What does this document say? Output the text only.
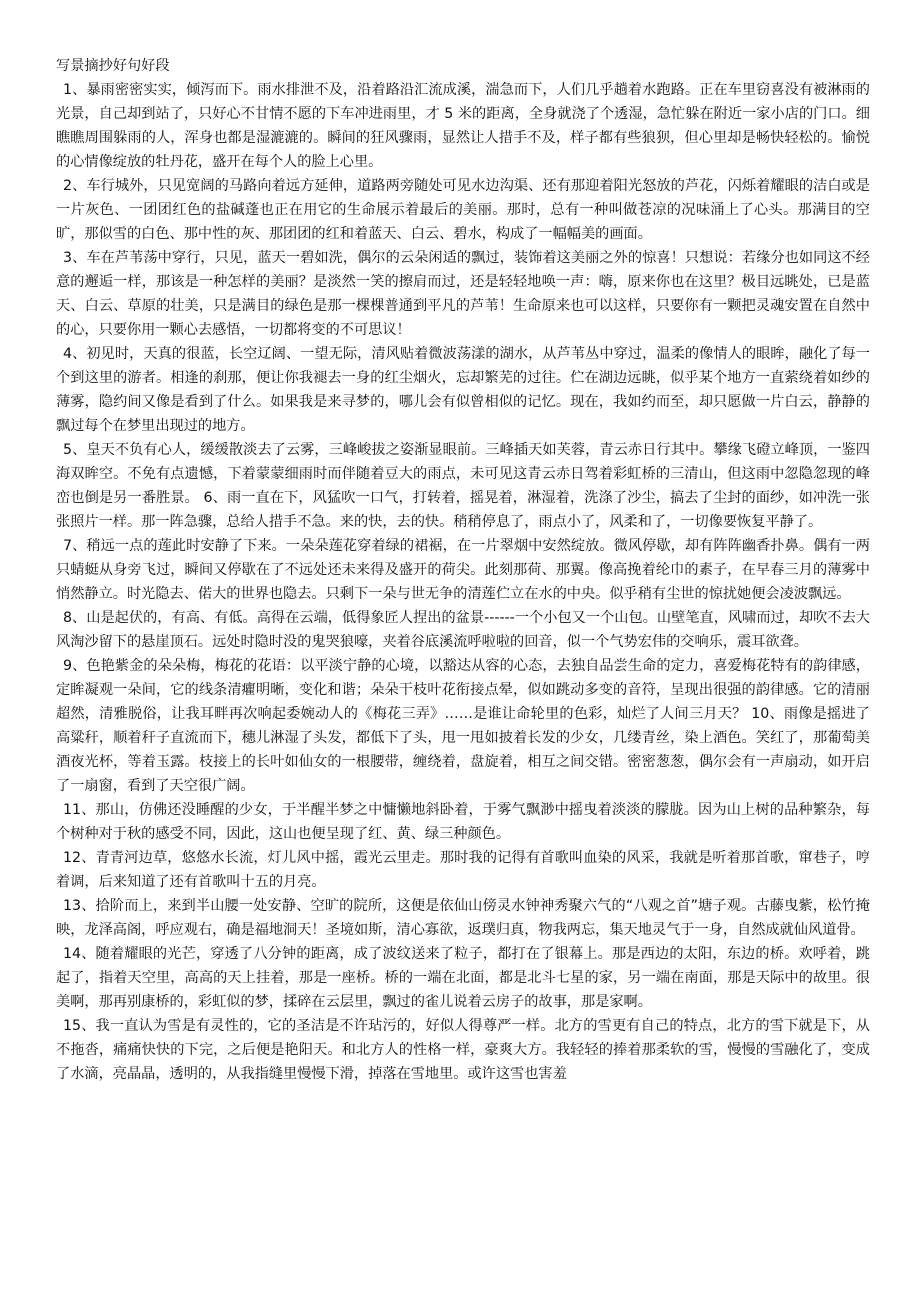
写景摘抄好句好段

1、暴雨密密实实，倾泻而下。雨水排泄不及，沿着路沿汇流成溪，湍急而下，人们几乎趟着水跑路。正在车里窃喜没有被淋雨的光景，自己却到站了，只好心不甘情不愿的下车冲进雨里，才 5 米的距离，全身就浇了个透湿，急忙躲在附近一家小店的门口。细瞧瞧周围躲雨的人，浑身也都是湿漉漉的。瞬间的狂风骤雨，显然让人措手不及，样子都有些狼狈，但心里却是畅快轻松的。愉悦的心情像绽放的牡丹花，盛开在每个人的脸上心里。

2、车行城外，只见宽阔的马路向着远方延伸，道路两旁随处可见水边沟渠、还有那迎着阳光怒放的芦花，闪烁着耀眼的洁白或是一片灰色、一团团红色的盐碱蓬也正在用它的生命展示着最后的美丽。那时，总有一种叫做苍凉的况味涌上了心头。那满目的空旷，那似雪的白色、那中性的灰、那团团的红和着蓝天、白云、碧水，构成了一幅幅美的画面。

3、车在芦苇荡中穿行，只见，蓝天一碧如洗，偶尔的云朵闲适的飘过，装饰着这美丽之外的惊喜！只想说：若缘分也如同这不经意的邂逅一样，那该是一种怎样的美丽？是淡然一笑的擦肩而过，还是轻轻地唤一声：嗨，原来你也在这里？极目远眺处，已是蓝天、白云、草原的壮美，只是满目的绿色是那一棵棵普通到平凡的芦苇！生命原来也可以这样，只要你有一颗把灵魂安置在自然中的心，只要你用一颗心去感悟，一切都将变的不可思议！

4、初见时，天真的很蓝，长空辽阔、一望无际，清风贴着微波荡漾的湖水，从芦苇丛中穿过，温柔的像情人的眼眸，融化了每一个到这里的游者。相逢的刹那，便让你我褪去一身的红尘烟火，忘却繁芜的过往。伫在湖边远眺，似乎某个地方一直萦绕着如纱的薄雾，隐约间又像是看到了什么。如果我是来寻梦的，哪儿会有似曾相似的记忆。现在，我如约而至，却只愿做一片白云，静静的飘过每个在梦里出现过的地方。

5、皇天不负有心人，缓缓散淡去了云雾，三峰峻拔之姿渐显眼前。三峰插天如芙蓉，青云赤日行其中。攀缘飞磴立峰顶，一鉴四海双眸空。不免有点遗憾，下着蒙蒙细雨时而伴随着豆大的雨点，未可见这青云赤日驾着彩虹桥的三清山，但这雨中忽隐忽现的峰峦也倒是另一番胜景。 6、雨一直在下，风猛吹一口气，打转着，摇晃着，淋湿着，洗涤了沙尘，搞去了尘封的面纱，如冲洗一张张照片一样。那一阵急骤，总给人措手不急。来的快，去的快。稍稍停息了，雨点小了，风柔和了，一切像要恢复平静了。

7、稍远一点的莲此时安静了下来。一朵朵莲花穿着绿的裙裾，在一片翠烟中安然绽放。微风停歇，却有阵阵幽香扑鼻。偶有一两只蜻蜓从身旁飞过，瞬间又停歇在了不远处还未来得及盛开的荷尖。此刻那荷、那翼。像高挽着纶巾的素子，在早春三月的薄雾中悄然静立。时光隐去、偌大的世界也隐去。只剩下一朵与世无争的清莲伫立在水的中央。似乎稍有尘世的惊扰她便会凌波飘远。

8、山是起伏的，有高、有低。高得在云端，低得象匠人捏出的盆景------一个小包又一个山包。山壁笔直，风啸而过，却吹不去大风淘沙留下的悬崖顶石。远处时隐时没的鬼哭狼嚎，夹着谷底溪流呼啦啦的回音，似一个气势宏伟的交响乐，震耳欲聋。

9、色艳紫金的朵朵梅，梅花的花语：以平淡宁静的心境，以豁达从容的心态，去独自品尝生命的定力，喜爱梅花特有的韵律感，定眸凝观一朵间，它的线条清癯明晰，变化和谐；朵朵干枝叶花衔接点晕，似如跳动多变的音符，呈现出很强的韵律感。它的清丽超然，清雅脱俗，让我耳畔再次响起委婉动人的《梅花三弄》……是谁让命轮里的色彩，灿烂了人间三月天？ 10、雨像是摇进了高粱秆，顺着秆子直流而下，穗儿淋湿了头发，都低下了头，甩一甩如披着长发的少女，几缕青丝，染上酒色。笑红了，那葡萄美酒夜光杯，等着玉露。枝接上的长叶如仙女的一根腰带，缠绕着，盘旋着，相互之间交错。密密葱葱，偶尔会有一声扇动，如开启了一扇窗，看到了天空很广阔。

11、那山，仿佛还没睡醒的少女，于半醒半梦之中慵懒地斜卧着，于雾气飘渺中摇曳着淡淡的朦胧。因为山上树的品种繁杂，每个树种对于秋的感受不同，因此，这山也便呈现了红、黄、绿三种颜色。

12、青青河边草，悠悠水长流，灯儿风中摇，霞光云里走。那时我的记得有首歌叫血染的风采，我就是听着那首歌，窜巷子，哼着调，后来知道了还有首歌叫十五的月亮。

13、拾阶而上，来到半山腰一处安静、空旷的院所，这便是依仙山傍灵水钟神秀聚六气的“八观之首”塘子观。古藤曳紫，松竹掩映，龙泽高阁，呼应观右，确是福地洞天！圣境如斯，清心寡欲，返璞归真，物我两忘，集天地灵气于一身，自然成就仙风道骨。

14、随着耀眼的光芒，穿透了八分钟的距离，成了波纹送来了粒子，都打在了银幕上。那是西边的太阳，东边的桥。欢呼着，跳起了，指着天空里，高高的天上挂着，那是一座桥。桥的一端在北面，都是北斗七星的家，另一端在南面，那是天际中的故里。很美啊，那再别康桥的，彩虹似的梦，揉碎在云层里，飘过的雀儿说着云房子的故事，那是家啊。

15、我一直认为雪是有灵性的，它的圣洁是不许玷污的，好似人得尊严一样。北方的雪更有自己的特点，北方的雪下就是下，从不拖沓，痛痛快快的下完，之后便是艳阳天。和北方人的性格一样，豪爽大方。我轻轻的捧着那柔软的雪，慢慢的雪融化了，变成了水滴，亮晶晶，透明的，从我指缝里慢慢下滑，掉落在雪地里。或许这雪也害羞
